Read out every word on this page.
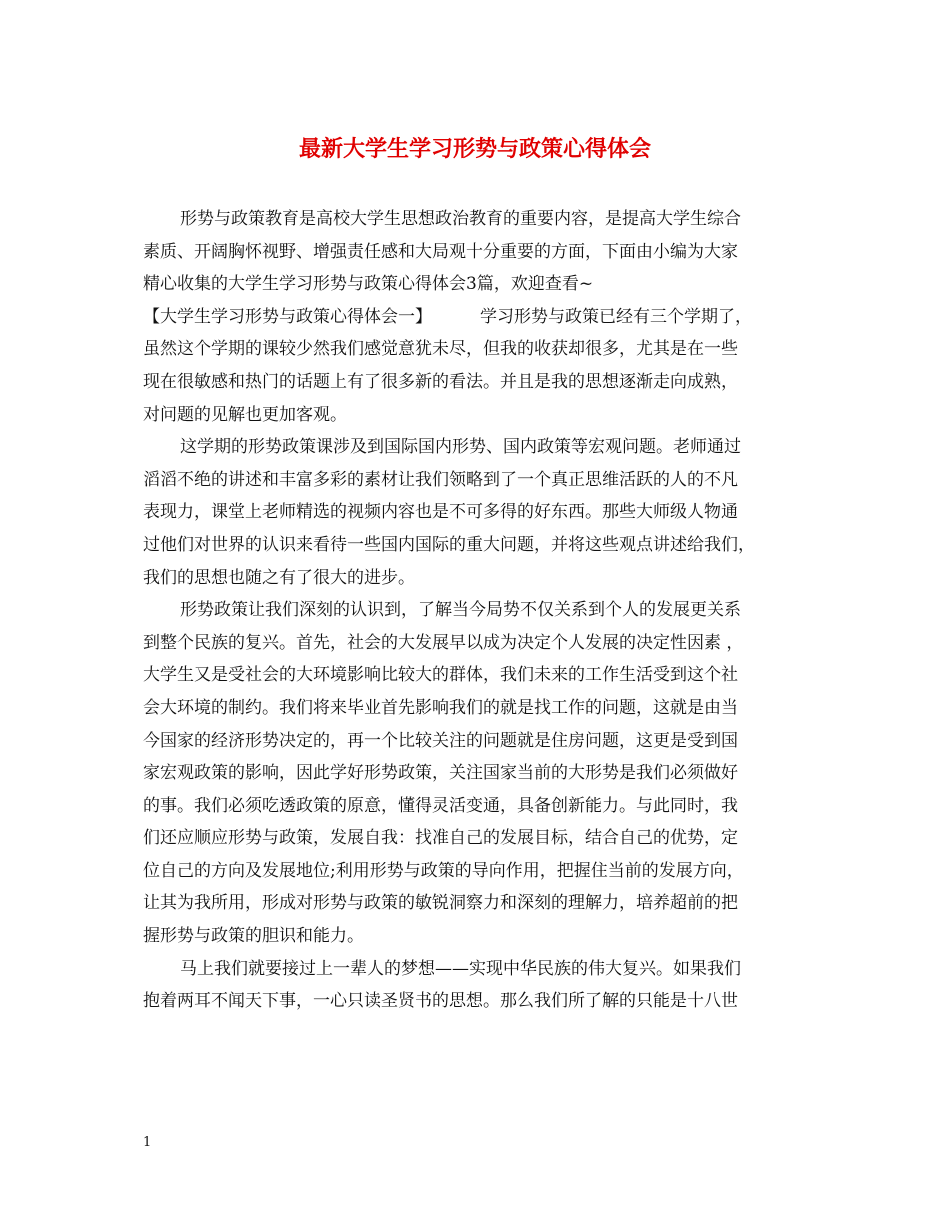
最新大学生学习形势与政策心得体会
形势与政策教育是高校大学生思想政治教育的重要内容，是提高大学生综合
素质、开阔胸怀视野、增强责任感和大局观十分重要的方面，下面由小编为大家
精心收集的大学生学习形势与政策心得体会3篇，欢迎查看~
【大学生学习形势与政策心得体会一】	学习形势与政策已经有三个学期了，
虽然这个学期的课较少然我们感觉意犹未尽，但我的收获却很多，尤其是在一些
现在很敏感和热门的话题上有了很多新的看法。并且是我的思想逐渐走向成熟，
对问题的见解也更加客观。
这学期的形势政策课涉及到国际国内形势、国内政策等宏观问题。老师通过
滔滔不绝的讲述和丰富多彩的素材让我们领略到了一个真正思维活跃的人的不凡
表现力，课堂上老师精选的视频内容也是不可多得的好东西。那些大师级人物通
过他们对世界的认识来看待一些国内国际的重大问题，并将这些观点讲述给我们，
我们的思想也随之有了很大的进步。
形势政策让我们深刻的认识到，了解当今局势不仅关系到个人的发展更关系
到整个民族的复兴。首先，社会的大发展早以成为决定个人发展的决定性因素 ，
大学生又是受社会的大环境影响比较大的群体，我们未来的工作生活受到这个社
会大环境的制约。我们将来毕业首先影响我们的就是找工作的问题，这就是由当
今国家的经济形势决定的，再一个比较关注的问题就是住房问题，这更是受到国
家宏观政策的影响，因此学好形势政策，关注国家当前的大形势是我们必须做好
的事。我们必须吃透政策的原意，懂得灵活变通，具备创新能力。与此同时，我
们还应顺应形势与政策，发展自我：找准自己的发展目标，结合自己的优势，定
位自己的方向及发展地位;利用形势与政策的导向作用，把握住当前的发展方向，
让其为我所用，形成对形势与政策的敏锐洞察力和深刻的理解力，培养超前的把
握形势与政策的胆识和能力。
马上我们就要接过上一辈人的梦想——实现中华民族的伟大复兴。如果我们
抱着两耳不闻天下事，一心只读圣贤书的思想。那么我们所了解的只能是十八世
1
